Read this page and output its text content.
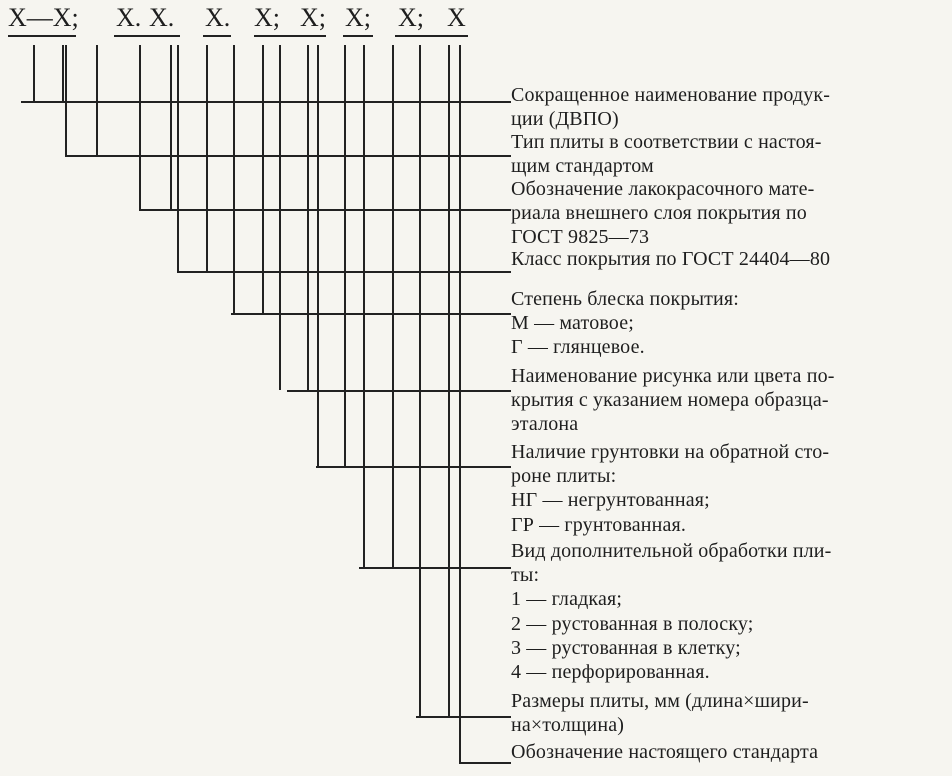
Х—Х; Х. Х. Х. Х; Х; Х; Х; Х
Сокращенное наименование продук-
ции (ДВПО)
Тип плиты в соответствии с настоя-
щим стандартом
Обозначение лакокрасочного мате-
риала внешнего слоя покрытия по
ГОСТ 9825—73
Класс покрытия по ГОСТ 24404—80
Степень блеска покрытия:
М — матовое;
Г — глянцевое.
Наименование рисунка или цвета по-
крытия с указанием номера образца-
эталона
Наличие грунтовки на обратной сто-
роне плиты:
НГ — негрунтованная;
ГР — грунтованная.
Вид дополнительной обработки пли-
ты:
1 — гладкая;
2 — рустованная в полоску;
3 — рустованная в клетку;
4 — перфорированная.
Размеры плиты, мм (длина×шири-
на×толщина)
Обозначение настоящего стандарта
